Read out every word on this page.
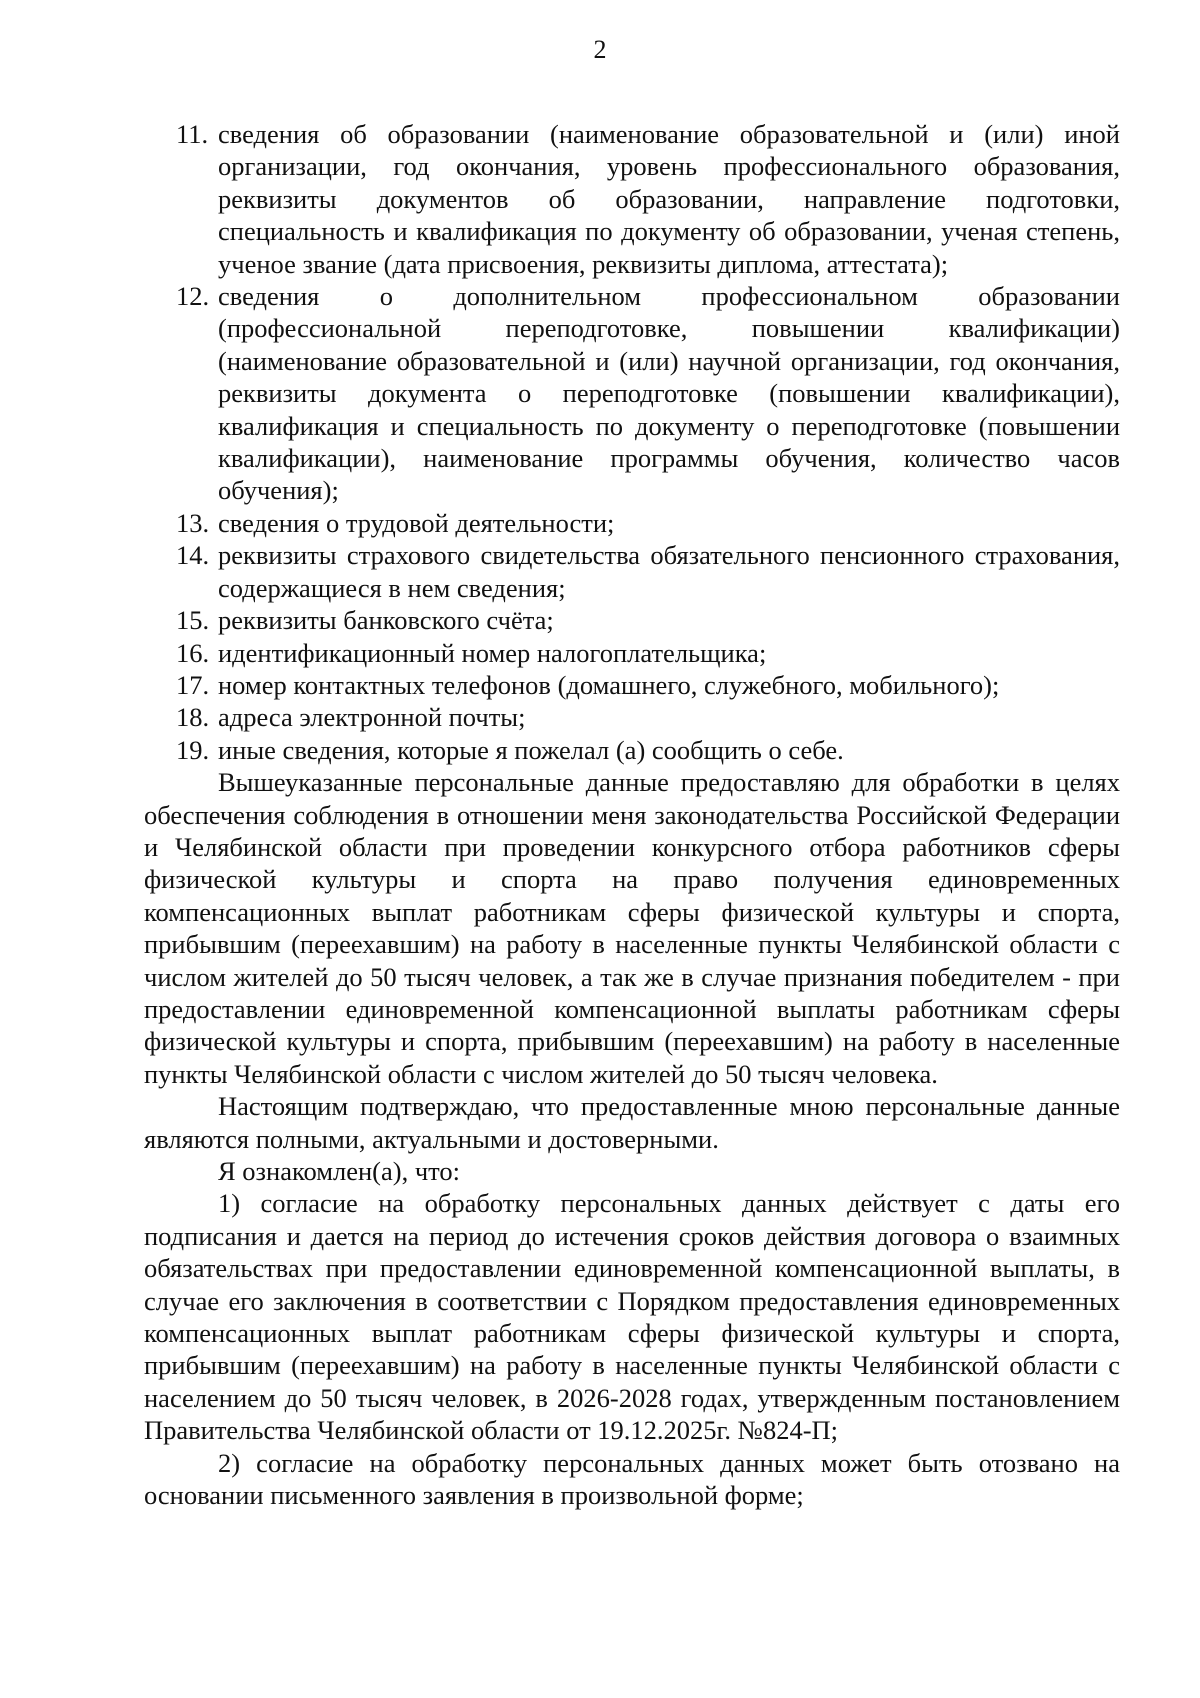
2
11. сведения об образовании (наименование образовательной и (или) иной организации, год окончания, уровень профессионального образования, реквизиты документов об образовании, направление подготовки, специальность и квалификация по документу об образовании, ученая степень, ученое звание (дата присвоения, реквизиты диплома, аттестата);
12. сведения о дополнительном профессиональном образовании (профессиональной переподготовке, повышении квалификации) (наименование образовательной и (или) научной организации, год окончания, реквизиты документа о переподготовке (повышении квалификации), квалификация и специальность по документу о переподготовке (повышении квалификации), наименование программы обучения, количество часов обучения);
13. сведения о трудовой деятельности;
14. реквизиты страхового свидетельства обязательного пенсионного страхования, содержащиеся в нем сведения;
15. реквизиты банковского счёта;
16. идентификационный номер налогоплательщика;
17. номер контактных телефонов (домашнего, служебного, мобильного);
18. адреса электронной почты;
19. иные сведения, которые я пожелал (а) сообщить о себе.

Вышеуказанные персональные данные предоставляю для обработки в целях обеспечения соблюдения в отношении меня законодательства Российской Федерации и Челябинской области при проведении конкурсного отбора работников сферы физической культуры и спорта на право получения единовременных компенсационных выплат работникам сферы физической культуры и спорта, прибывшим (переехавшим) на работу в населенные пункты Челябинской области с числом жителей до 50 тысяч человек, а так же в случае признания победителем - при предоставлении единовременной компенсационной выплаты работникам сферы физической культуры и спорта, прибывшим (переехавшим) на работу в населенные пункты Челябинской области с числом жителей до 50 тысяч человека.

Настоящим подтверждаю, что предоставленные мною персональные данные являются полными, актуальными и достоверными.

Я ознакомлен(а), что:

1) согласие на обработку персональных данных действует с даты его подписания и дается на период до истечения сроков действия договора о взаимных обязательствах при предоставлении единовременной компенсационной выплаты, в случае его заключения в соответствии с Порядком предоставления единовременных компенсационных выплат работникам сферы физической культуры и спорта, прибывшим (переехавшим) на работу в населенные пункты Челябинской области с населением до 50 тысяч человек, в 2026-2028 годах, утвержденным постановлением Правительства Челябинской области от 19.12.2025г. №824-П;

2) согласие на обработку персональных данных может быть отозвано на основании письменного заявления в произвольной форме;
